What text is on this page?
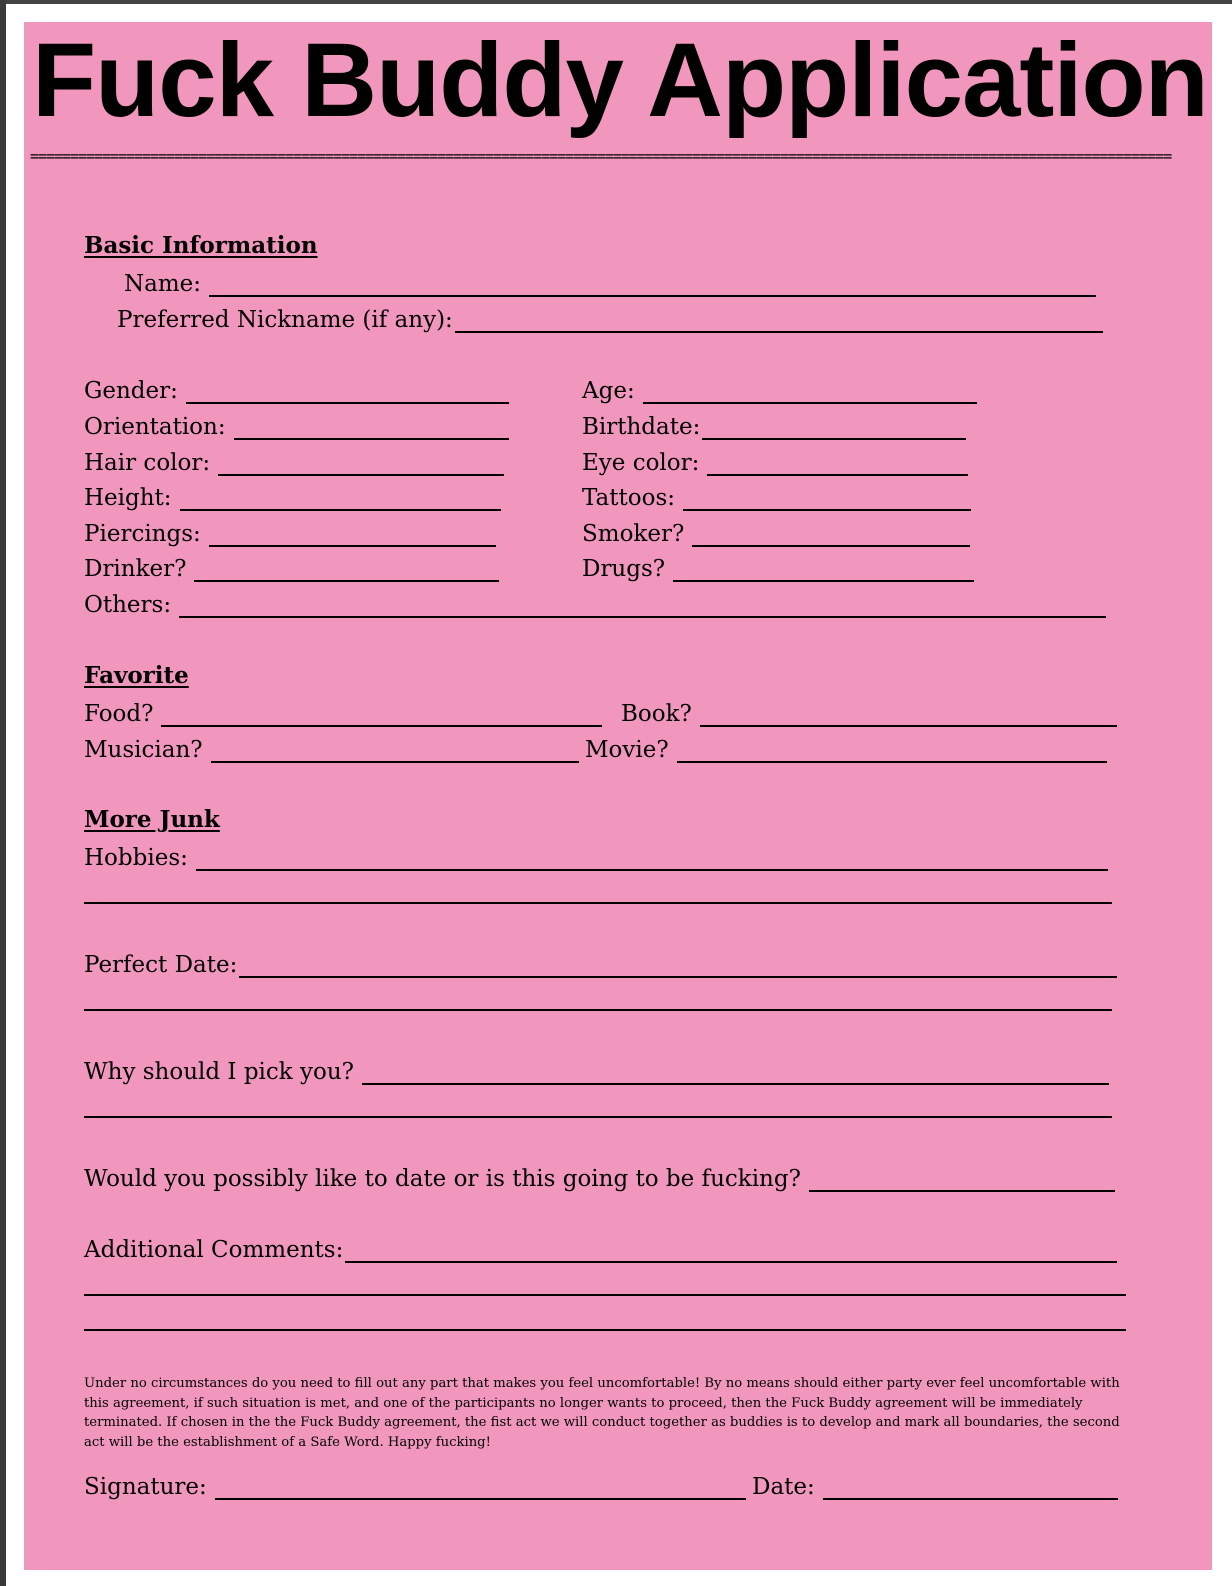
Fuck Buddy Application
===============================================================================================================================================
Basic Information
Name:
Preferred Nickname (if any):
Gender:	Age:
Orientation:	Birthdate:
Hair color:	Eye color:
Height:	Tattoos:
Piercings:	Smoker?
Drinker?	Drugs?
Others:
Favorite
Food?	Book?
Musician?	Movie?
More Junk
Hobbies:
Perfect Date:
Why should I pick you?
Would you possibly like to date or is this going to be fucking?
Additional Comments:

Under no circumstances do you need to fill out any part that makes you feel uncomfortable! By no means should either party ever feel uncomfortable with this agreement, if such situation is met, and one of the participants no longer wants to proceed, then the Fuck Buddy agreement will be immediately terminated. If chosen in the the Fuck Buddy agreement, the fist act we will conduct together as buddies is to develop and mark all boundaries, the second act will be the establishment of a Safe Word. Happy fucking!

Signature:	Date:
